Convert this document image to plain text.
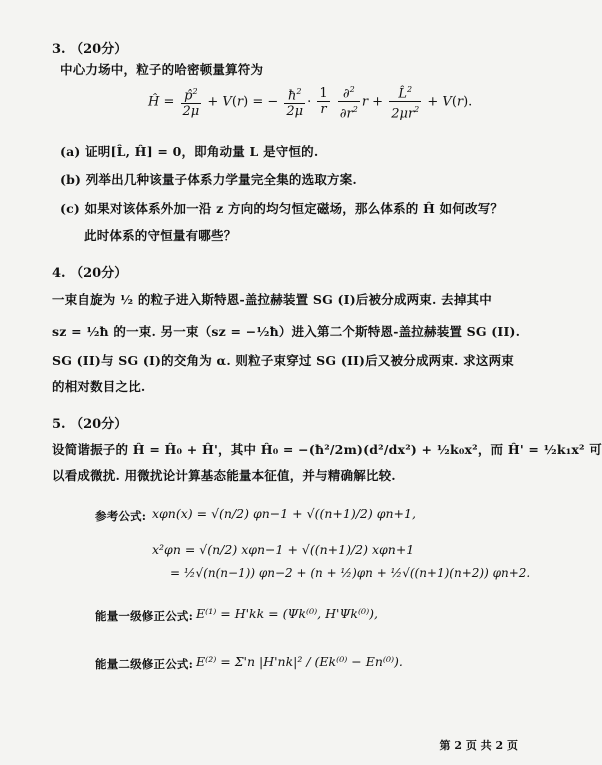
3. （20分）
中心力场中，粒子的哈密顿量算符为
Ĥ = $\frac{p̂^2}{2\mu} + V(r)$ = − $\frac{ħ^2}{2\mu} \cdot \frac{1}{r}$
$\frac{\partial^2}{\partial r^2}$ $r + \frac{L̂^2}{2\mu r^2} + V(r)$.
(a) 证明[L̂, Ĥ] = 0，即角动量 L 是守恒的.
(b) 列举出几种该量子体系力学量完全集的选取方案.
(c) 如果对该体系外加一沿 z 方向的均匀恒定磁场，那么体系的 Ĥ 如何改写？
此时体系的守恒量有哪些？
4. （20分）
一束自旋为 ½ 的粒子进入斯特恩-盖拉赫装置 SG (I)后被分成两束. 去掉其中
sz = ½ħ 的一束. 另一束（sz = −½ħ）进入第二个斯特恩-盖拉赫装置 SG (II).
SG (II)与 SG (I)的交角为 α. 则粒子束穿过 SG (II)后又被分成两束. 求这两束
的相对数目之比.
5. （20分）
设简谐振子的 Ĥ = Ĥ₀ + Ĥ'，其中 Ĥ₀ = −(ħ²/2m)(d²/dx²) + ½k₀x²，而 Ĥ' = ½k₁x² 可
以看成微扰. 用微扰论计算基态能量本征值，并与精确解比较.
参考公式: xφn(x) = √(n/2) φn−1 + √((n+1)/2) φn+1,
x²φn = √(n/2) xφn−1 + √((n+1)/2) xφn+1
= ½√(n(n−1)) φn−2 + (n + ½)φn + ½√((n+1)(n+2)) φn+2.
能量一级修正公式: E⁽¹⁾ = H'kk = (Ψk⁽⁰⁾, H'Ψk⁽⁰⁾),
能量二级修正公式: E⁽²⁾ = Σ'n |H'nk|² / (Ek⁽⁰⁾ − En⁽⁰⁾).
第 2 页 共 2 页
